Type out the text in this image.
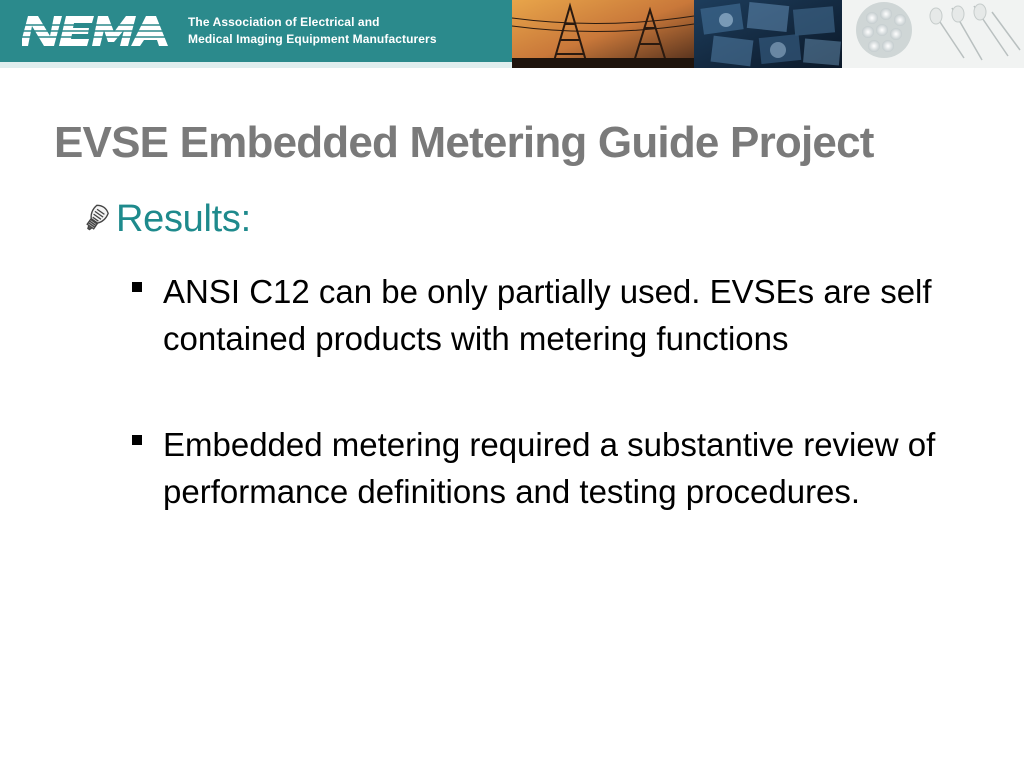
The Association of Electrical and
Medical Imaging Equipment Manufacturers
EVSE Embedded Metering Guide Project
Results:
ANSI C12 can be only partially used. EVSEs are self contained products with metering functions
Embedded metering required a substantive review of performance definitions and testing procedures.
